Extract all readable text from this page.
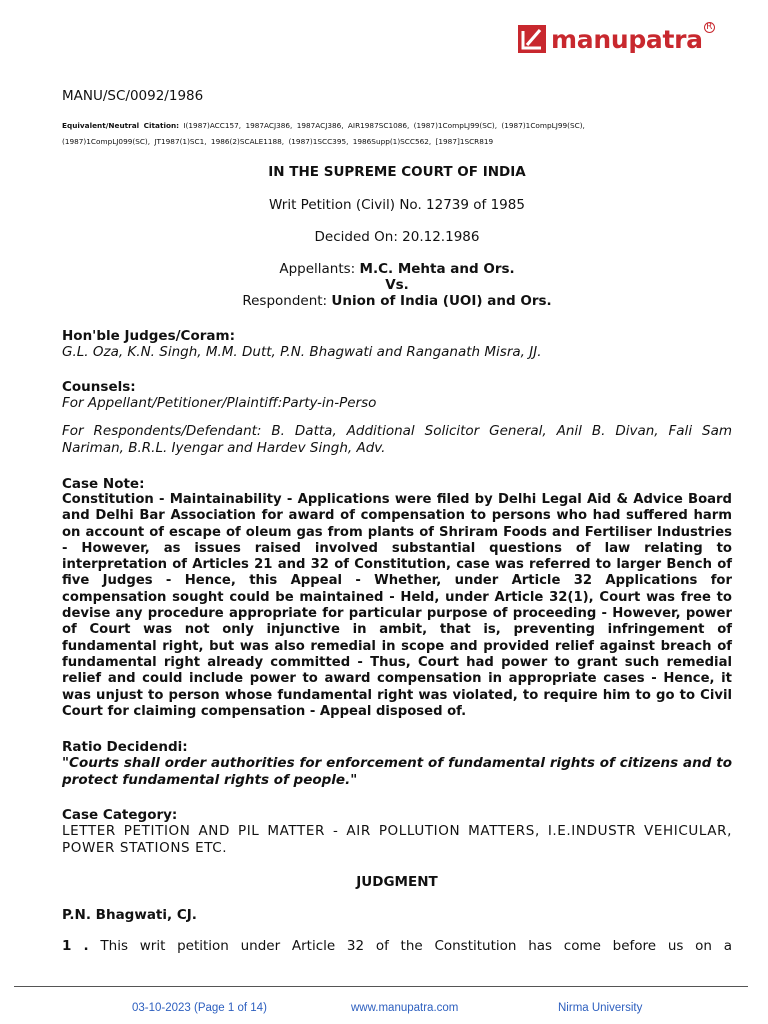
manupatra R
MANU/SC/0092/1986
Equivalent/Neutral Citation: I(1987)ACC157, 1987ACJ386, 1987ACJ386, AIR1987SC1086, (1987)1CompLJ99(SC), (1987)1CompLJ99(SC),
(1987)1CompLJ099(SC), JT1987(1)SC1, 1986(2)SCALE1188, (1987)1SCC395, 1986Supp(1)SCC562, [1987]1SCR819
IN THE SUPREME COURT OF INDIA
Writ Petition (Civil) No. 12739 of 1985
Decided On: 20.12.1986
Appellants: M.C. Mehta and Ors.
Vs.
Respondent: Union of India (UOI) and Ors.
Hon'ble Judges/Coram:
G.L. Oza, K.N. Singh, M.M. Dutt, P.N. Bhagwati and Ranganath Misra, JJ.
Counsels:
For Appellant/Petitioner/Plaintiff:Party-in-Perso
For Respondents/Defendant: B. Datta, Additional Solicitor General, Anil B. Divan, Fali Sam Nariman, B.R.L. Iyengar and Hardev Singh, Adv.
Case Note:
Constitution - Maintainability - Applications were filed by Delhi Legal Aid & Advice Board and Delhi Bar Association for award of compensation to persons who had suffered harm on account of escape of oleum gas from plants of Shriram Foods and Fertiliser Industries - However, as issues raised involved substantial questions of law relating to interpretation of Articles 21 and 32 of Constitution, case was referred to larger Bench of five Judges - Hence, this Appeal - Whether, under Article 32 Applications for compensation sought could be maintained - Held, under Article 32(1), Court was free to devise any procedure appropriate for particular purpose of proceeding - However, power of Court was not only injunctive in ambit, that is, preventing infringement of fundamental right, but was also remedial in scope and provided relief against breach of fundamental right already committed - Thus, Court had power to grant such remedial relief and could include power to award compensation in appropriate cases - Hence, it was unjust to person whose fundamental right was violated, to require him to go to Civil Court for claiming compensation - Appeal disposed of.
Ratio Decidendi:
"Courts shall order authorities for enforcement of fundamental rights of citizens and to protect fundamental rights of people."
Case Category:
LETTER PETITION AND PIL MATTER - AIR POLLUTION MATTERS, I.E.INDUSTR VEHICULAR, POWER STATIONS ETC.
JUDGMENT
P.N. Bhagwati, CJ.
1 . This writ petition under Article 32 of the Constitution has come before us on a
03-10-2023 (Page 1 of 14)	www.manupatra.com	Nirma University
